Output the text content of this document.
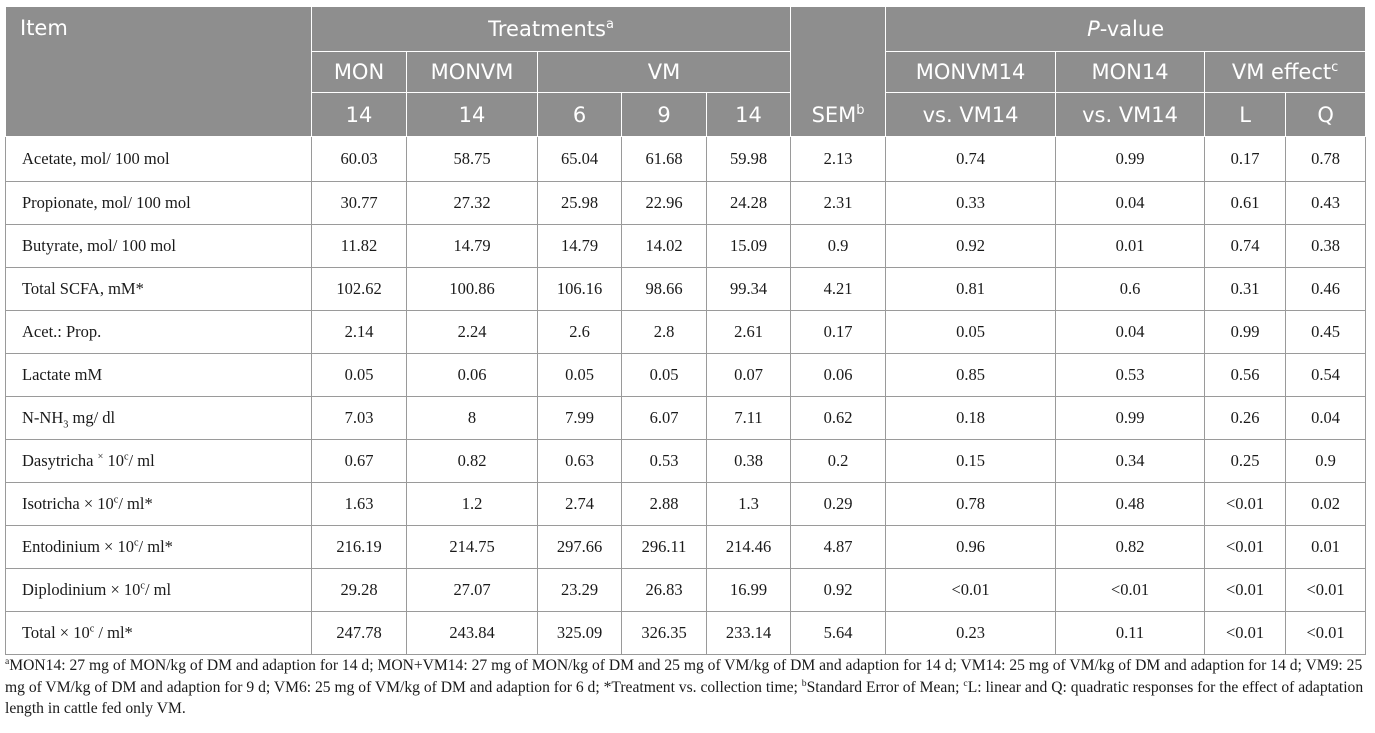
Item	Treatments$^a$					SEM$^b$	P-value			
	MON	MONVM	VM				MONVM14	MON14	VM effect$^c$
	14	14	6	9	14		vs. VM14	vs. VM14	L	Q
Acetate, mol/ 100 mol	60.03	58.75	65.04	61.68	59.98	2.13	0.74	0.99	0.17	0.78
Propionate, mol/ 100 mol	30.77	27.32	25.98	22.96	24.28	2.31	0.33	0.04	0.61	0.43
Butyrate, mol/ 100 mol	11.82	14.79	14.79	14.02	15.09	0.9	0.92	0.01	0.74	0.38
Total SCFA, mM*	102.62	100.86	106.16	98.66	99.34	4.21	0.81	0.6	0.31	0.46
Acet.: Prop.	2.14	2.24	2.6	2.8	2.61	0.17	0.05	0.04	0.99	0.45
Lactate mM	0.05	0.06	0.05	0.05	0.07	0.06	0.85	0.53	0.56	0.54
$N-NH_3$ mg/ dl	7.03	8	7.99	6.07	7.11	0.62	0.18	0.99	0.26	0.04
Dasytricha × 10$^c$/ ml	0.67	0.82	0.63	0.53	0.38	0.2	0.15	0.34	0.25	0.9
Isotricha × $10^c/$ ml*	1.63	1.2	2.74	2.88	1.3	0.29	0.78	0.48	<0.01	0.02
Entodinium × $10^c/$ ml*	216.19	214.75	297.66	296.11	214.46	4.87	0.96	0.82	<0.01	0.01
Diplodinium × $10^c/$ ml	29.28	27.07	23.29	26.83	16.99	0.92	<0.01	<0.01	<0.01	<0.01
Total × $10^c / ml*$	247.78	243.84	325.09	326.35	233.14	5.64	0.23	0.11	<0.01	<0.01
$^a$MON14: 27 mg of MON/kg of DM and adaption for 14 d; MON+VM14: 27 mg of MON/kg of DM and 25 mg of VM/kg of DM and adaption for 14 d; VM14: 25 mg of VM/kg of DM and adaption for 14 d; VM9: 25 mg of VM/kg of DM and adaption for 9 d; VM6: 25 mg of VM/kg of DM and adaption for 6 d; *Treatment vs. collection time; $^b$Standard Error of Mean; $^c$L: linear and Q: quadratic responses for the effect of adaptation length in cattle fed only VM.
